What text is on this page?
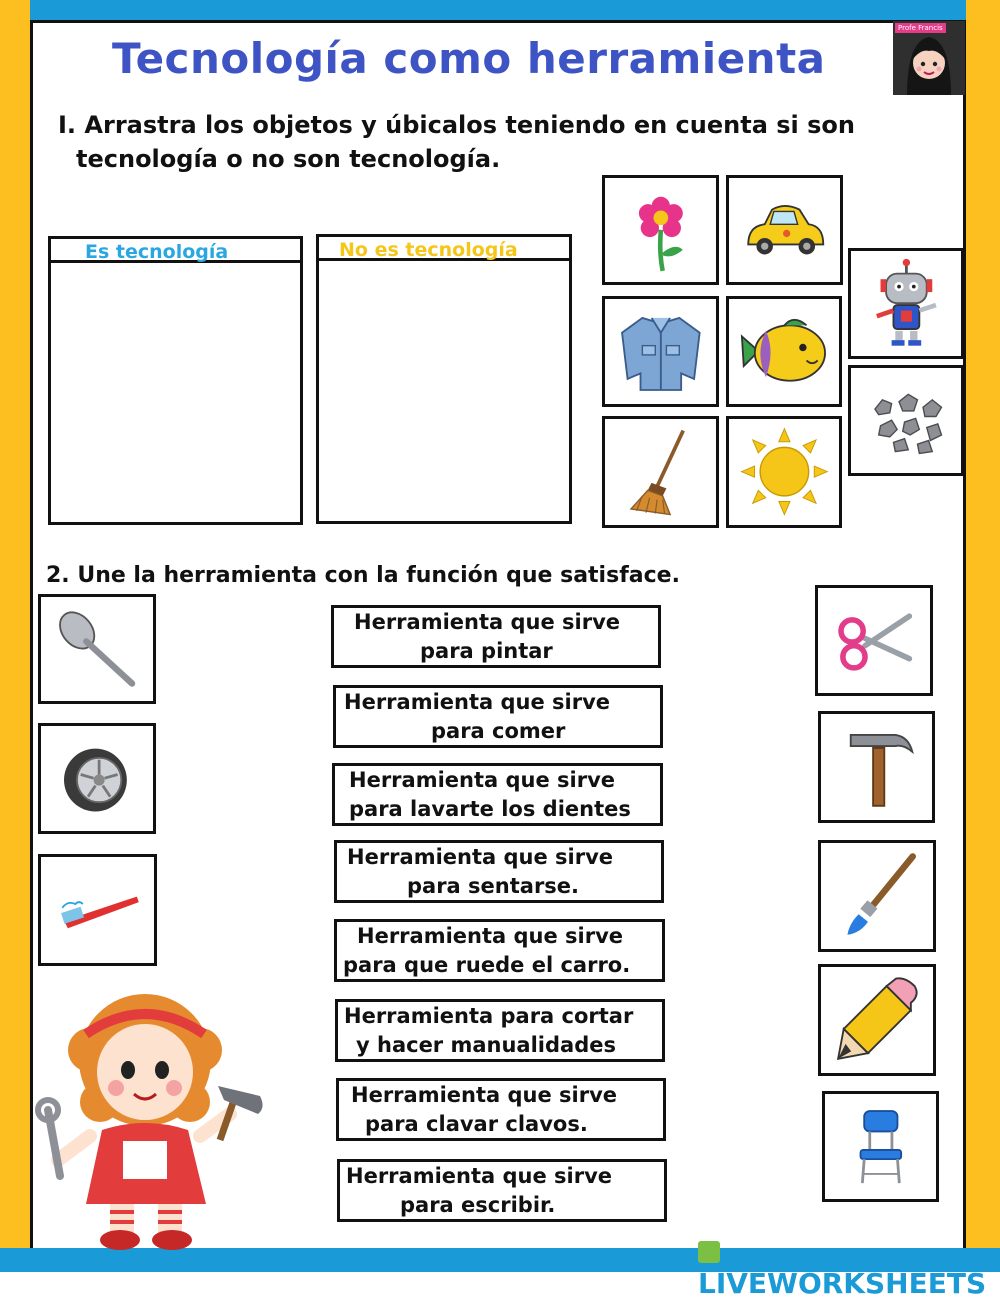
Tecnología como herramienta
Profe Francis
I. Arrastra los objetos y úbicalos teniendo en cuenta si son
tecnología o no son tecnología.
Es tecnología	No es tecnología
2. Une la herramienta con la función que satisface.
Herramienta que sirve
para pintar
Herramienta que sirve
para comer
Herramienta que sirve
para lavarte los dientes
Herramienta que sirve
para sentarse.
Herramienta que sirve
para que ruede el carro.
Herramienta para cortar
y hacer manualidades
Herramienta que sirve
para clavar clavos.
Herramienta que sirve
para escribir.
LIVEWORKSHEETS
